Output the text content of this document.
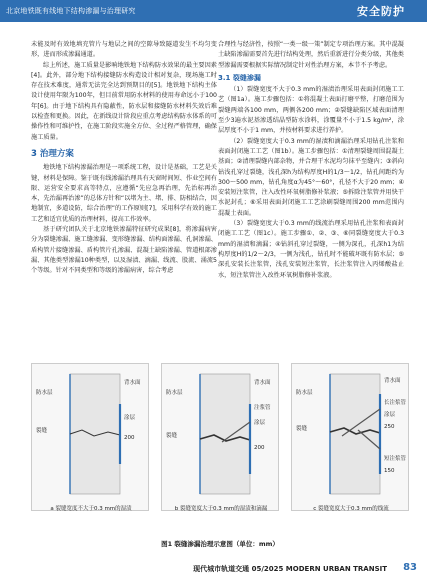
北京地铁既有线地下结构渗漏与治理研究	安全防护

未能及时有效地填充管片与地层之间的空隙导致隧道发生不均匀变形，进而形成渗漏通道。

综上所述，施工质量是影响地铁地下结构防水效果的最主要因素[4]。此外，部分地下结构接缝防水构造设计相对复杂，现场施工时存在技术难度，通常无法完全达到预期目的[5]。地铁地下结构主体设计使用年限为100年，但目前常用防水材料的使用寿命远小于100年[6]。由于地下结构具有隐蔽性，防水层和接缝防水材料失效后难以检查和更换。因此，在新线设计阶段应重点考虑结构防水体系的可操作性和可维护性，在施工阶段实施全方位、全过程严格管理，确保施工质量。

3 治理方案

地铁地下结构渗漏治理是一项系统工程，设计是基础，工艺是关键，材料是保障。鉴于既有线渗漏治理具有天窗时间短、作业空间有限、运营安全要求高等特点，应遵循“先应急再治理，先治标再治本，先治漏再治渗”的总体方针和“以堵为主、堵、排、防相结合，因地制宜，多道设防，综合治理”的工作原则[7]，采用科学有效的施工工艺和适宜优质的治理材料，提高工作效率。

基于研究团队关于北京地铁渗漏特征研究成果[8]，将渗漏病害分为裂缝渗漏、施工缝渗漏、变形缝渗漏、结构面渗漏、孔洞渗漏、盾构管片接缝渗漏、盾构管片孔渗漏、混凝土缺陷渗漏、管道根部渗漏、其他类型渗漏10种类型，以及湿渍、滴漏、线流、股流、涌流5个等级。针对不同类型和等级的渗漏病害，综合考虑

合理性与经济性，按照“一类一级一策”制定专项治理方案。其中混凝土缺陷渗漏需要首先进行结构处理，然后重新进行分类分级，其他类型渗漏需要根据实际情况制定针对性治理方案，本节不予考虑。

3.1 裂缝渗漏

（1）裂缝宽度不大于0.3 mm的湿渍治理采用表面封闭施工工艺（图1a）。施工步骤包括：①将混凝土表面打磨平整，打磨范围为裂缝两端各100 mm，两侧各200 mm；②裂缝缺陷区域表面清理至少3遍水泥基渗透结晶型防水涂料，涂覆量不小于1.5 kg/m²，涂层厚度不小于1 mm，并按材料要求进行养护。

（2）裂缝宽度大于0.3 mm的湿渍和滴漏治理采用钻孔注浆和表面封闭施工工艺（图1b）。施工步骤包括：①清理裂缝周围混凝土基面；②清理裂缝内部杂物，并合理干水泥均匀抹平至缝内；③斜向钻浅孔穿过裂缝，浅孔深h为结构厚度H的1/3～1/2，钻孔间距约为300～500 mm，钻孔角度α为45°～60°，孔径不大于20 mm；④安装短注浆管，注入改性环氧树脂修补浆液；⑤拆除注浆管并用快干水泥封孔；⑥采用表面封闭施工工艺涂刷裂缝周围200 mm范围内混凝土表面。

（3）裂缝宽度大于0.3 mm的线流治理采用钻孔注浆和表面封闭施工工艺（图1c）。施工步骤①、②、③、⑥同裂缝宽度大于0.3 mm的湿渍和滴漏；④钻斜孔穿过裂缝，一侧为深孔，孔深h1为结构厚度H的1/2～2/3，一侧为浅孔，钻孔时不能破坏既有防水层；⑤深孔安装长注浆管，浅孔安装短注浆管，长注浆管注入丙烯酸盐止水，短注浆管注入改性环氧树脂修补浆液。

防水层
背水面
涂层
200
裂缝
a 裂缝宽度不大于0.3 mm的湿渍
防水层
背水面
注浆管
涂层
200
裂缝
b 裂缝宽度大于0.3 mm的湿渍和滴漏
防水层
背水面
长注浆管
涂层
250
短注浆管
150
裂缝
c 裂缝宽度大于0.3 mm的线流
图1 裂缝渗漏治理示意图（单位：mm）
现代城市轨道交通 05/2025 MODERN URBAN TRANSIT 83
